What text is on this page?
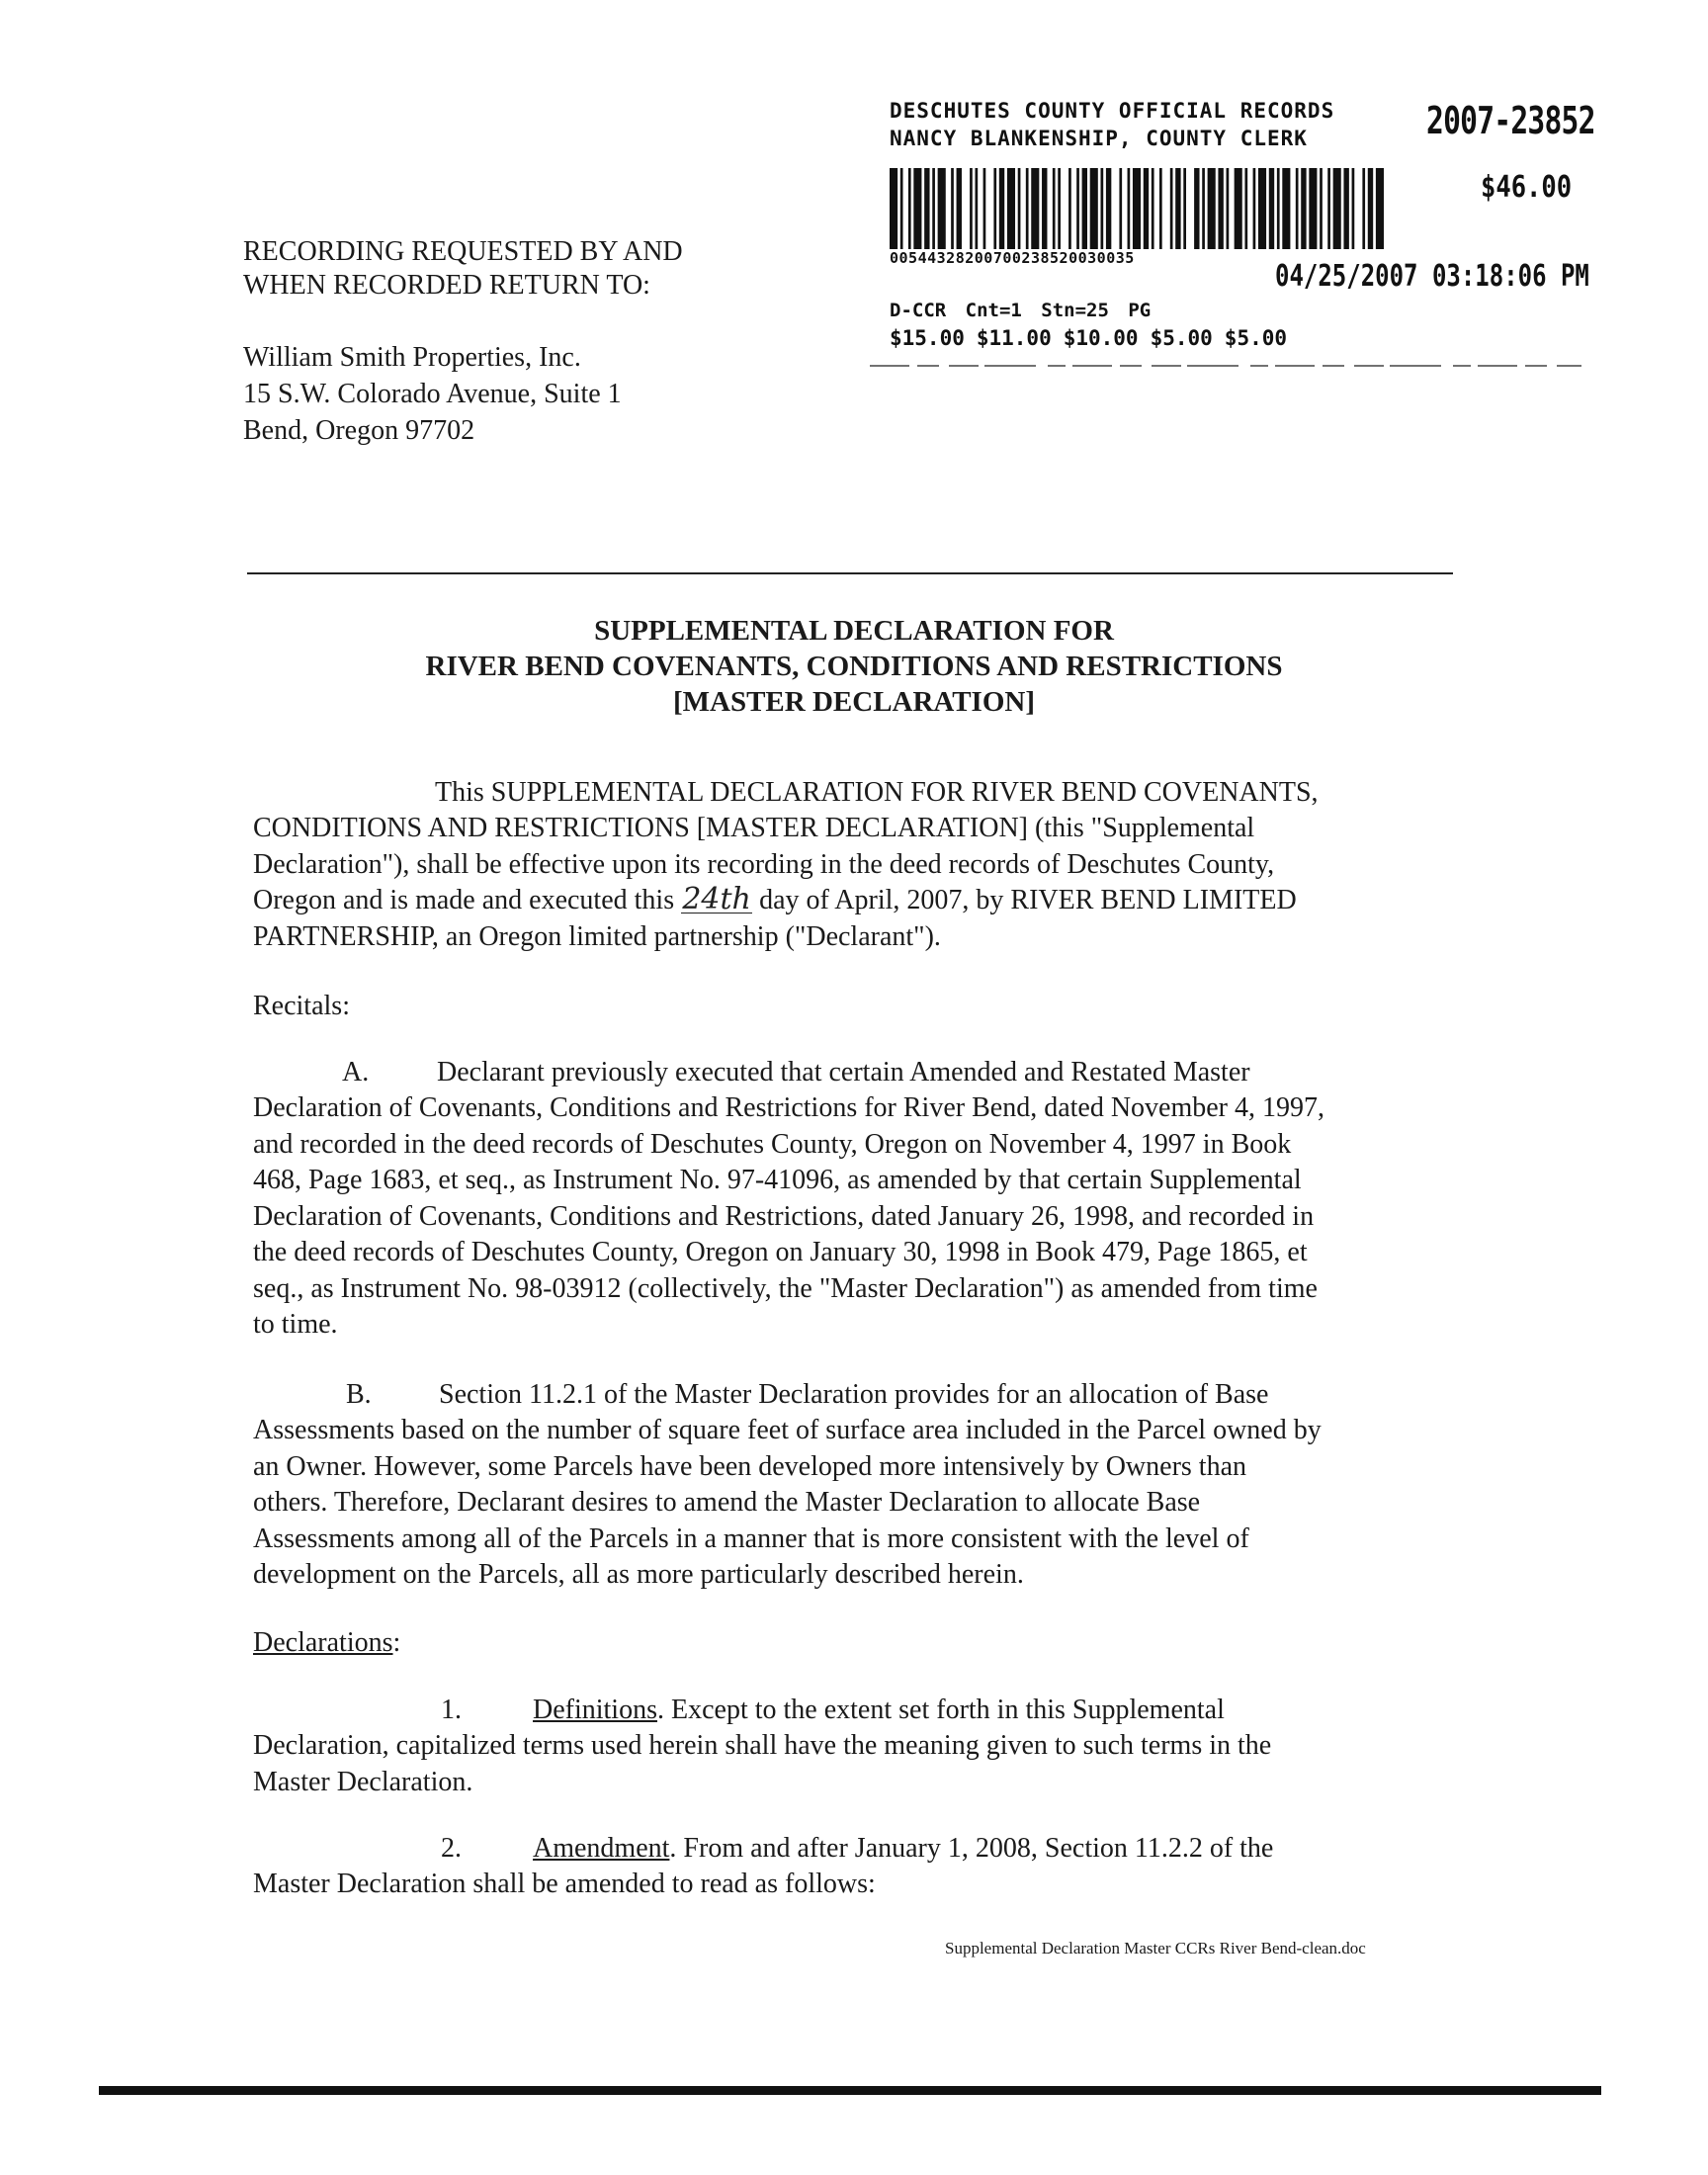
DESCHUTES COUNTY OFFICIAL RECORDS
NANCY BLANKENSHIP, COUNTY CLERK	2007-23852
$46.00
00544328200700238520030035
04/25/2007 03:18:06 PM
D-CCR Cnt=1 Stn=25 PG
$15.00 $11.00 $10.00 $5.00 $5.00
RECORDING REQUESTED BY AND
WHEN RECORDED RETURN TO:
William Smith Properties, Inc.
15 S.W. Colorado Avenue, Suite 1
Bend, Oregon 97702
SUPPLEMENTAL DECLARATION FOR
RIVER BEND COVENANTS, CONDITIONS AND RESTRICTIONS
[MASTER DECLARATION]
This SUPPLEMENTAL DECLARATION FOR RIVER BEND COVENANTS,
CONDITIONS AND RESTRICTIONS [MASTER DECLARATION] (this "Supplemental
Declaration"), shall be effective upon its recording in the deed records of Deschutes County,
Oregon and is made and executed this 24th day of April, 2007, by RIVER BEND LIMITED
PARTNERSHIP, an Oregon limited partnership ("Declarant").
Recitals:
A. Declarant previously executed that certain Amended and Restated Master
Declaration of Covenants, Conditions and Restrictions for River Bend, dated November 4, 1997,
and recorded in the deed records of Deschutes County, Oregon on November 4, 1997 in Book
468, Page 1683, et seq., as Instrument No. 97-41096, as amended by that certain Supplemental
Declaration of Covenants, Conditions and Restrictions, dated January 26, 1998, and recorded in
the deed records of Deschutes County, Oregon on January 30, 1998 in Book 479, Page 1865, et
seq., as Instrument No. 98-03912 (collectively, the "Master Declaration") as amended from time
to time.
B. Section 11.2.1 of the Master Declaration provides for an allocation of Base
Assessments based on the number of square feet of surface area included in the Parcel owned by
an Owner. However, some Parcels have been developed more intensively by Owners than
others. Therefore, Declarant desires to amend the Master Declaration to allocate Base
Assessments among all of the Parcels in a manner that is more consistent with the level of
development on the Parcels, all as more particularly described herein.
Declarations:
1.	Definitions. Except to the extent set forth in this Supplemental
Declaration, capitalized terms used herein shall have the meaning given to such terms in the
Master Declaration.
2.	Amendment. From and after January 1, 2008, Section 11.2.2 of the
Master Declaration shall be amended to read as follows:
Supplemental Declaration Master CCRs River Bend-clean.doc
